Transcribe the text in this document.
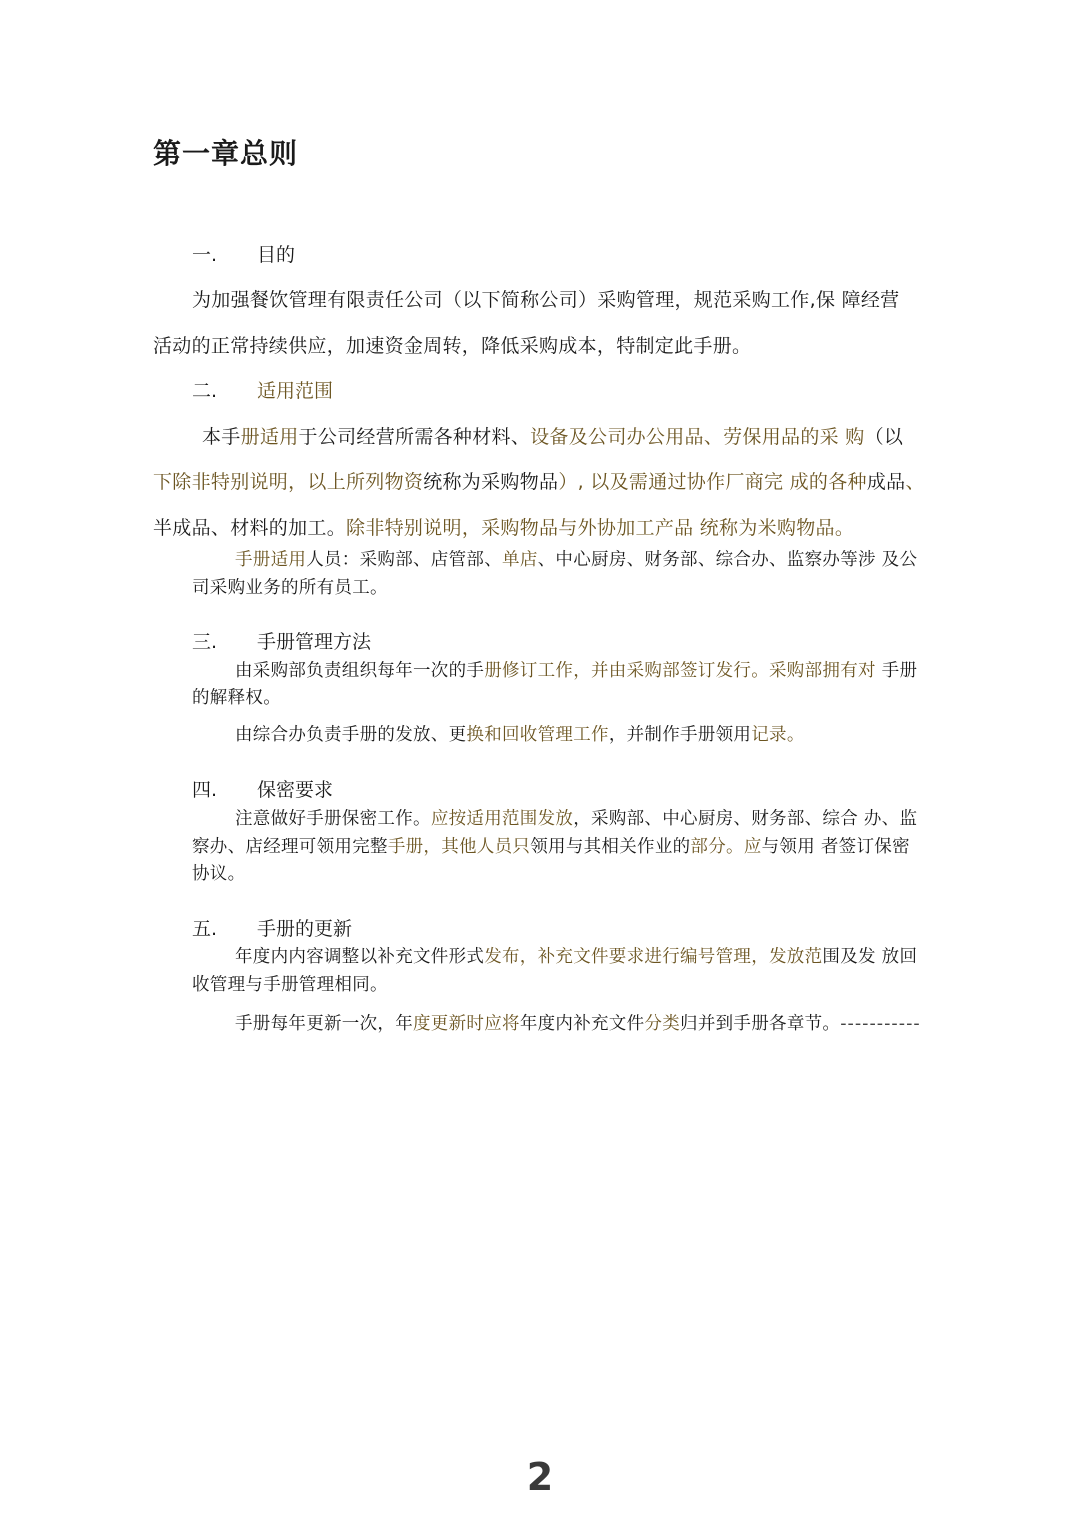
第一章总则
一. 目的
为加强餐饮管理有限责任公司（以下简称公司）采购管理，规范采购工作,保 障经营
活动的正常持续供应，加速资金周转，降低采购成本，特制定此手册。
二. 适用范围
本手册适用于公司经营所需各种材料、设备及公司办公用品、劳保用品的采 购（以
下除非特别说明，以上所列物资统称为采购物品）, 以及需通过协作厂商完 成的各种成品、
半成品、材料的加工。除非特别说明，采购物品与外协加工产品 统称为米购物品。
手册适用人员：采购部、店管部、单店、中心厨房、财务部、综合办、监察办等涉 及公
司采购业务的所有员工。
三. 手册管理方法
由采购部负责组织每年一次的手册修订工作，并由采购部签订发行。采购部拥有对 手册
的解释权。
由综合办负责手册的发放、更换和回收管理工作，并制作手册领用记录。
四. 保密要求
注意做好手册保密工作。应按适用范围发放，采购部、中心厨房、财务部、综合 办、监
察办、店经理可领用完整手册，其他人员只领用与其相关作业的部分。应与领用 者签订保密
协议。
五. 手册的更新
年度内内容调整以补充文件形式发布，补充文件要求进行编号管理，发放范围及发 放回
收管理与手册管理相同。
手册每年更新一次，年度更新时应将年度内补充文件分类归并到手册各章节。-----------
2
